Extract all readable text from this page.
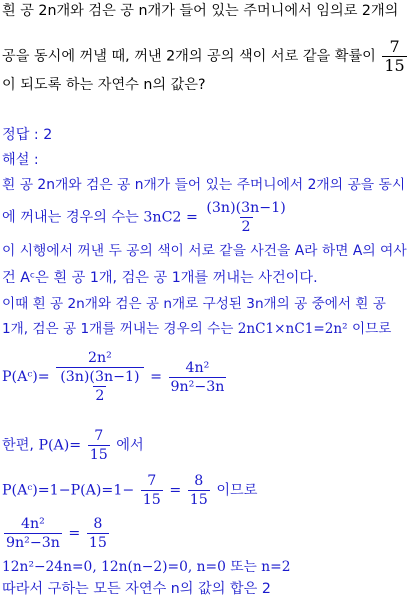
흰 공 2n개와 검은 공 n개가 들어 있는 주머니에서 임의로 2개의
공을 동시에 꺼낼 때, 꺼낸 2개의 공의 색이 서로 같을 확률이 $\frac{7}{15}$
이 되도록 하는 자연수 n의 값은?
정답 : 2
해설 :
흰 공 2n개와 검은 공 n개가 들어 있는 주머니에서 2개의 공을 동시
에 꺼내는 경우의 수는 $3nC2 = \frac{(3n)(3n-1)}{2}$
이 시행에서 꺼낸 두 공의 색이 서로 같을 사건을 A라 하면 A의 여사
건 Aᶜ은 흰 공 1개, 검은 공 1개를 꺼내는 사건이다.
이때 흰 공 2n개와 검은 공 n개로 구성된 3n개의 공 중에서 흰 공
1개, 검은 공 1개를 꺼내는 경우의 수는 2nC1×nC1=2n² 이므로
P(Aᶜ)= $\frac{\text{2n²}}{\frac{(3n)(3n-1)}{2}} = \frac{\text{4n²}}{\text{9n²−3n}}$
한편, $P(A)= \frac{7}{15}$ 에서
P(Aᶜ)=1−P(A)=1− $\frac{7}{15} = \frac{8}{15}$ 이므로
$\frac{\text{4n²}}{\text{9n²−3n}} = \frac{8}{15}$
12n²−24n=0, 12n(n−2)=0, n=0 또는 n=2
따라서 구하는 모든 자연수 n의 값의 합은 2
